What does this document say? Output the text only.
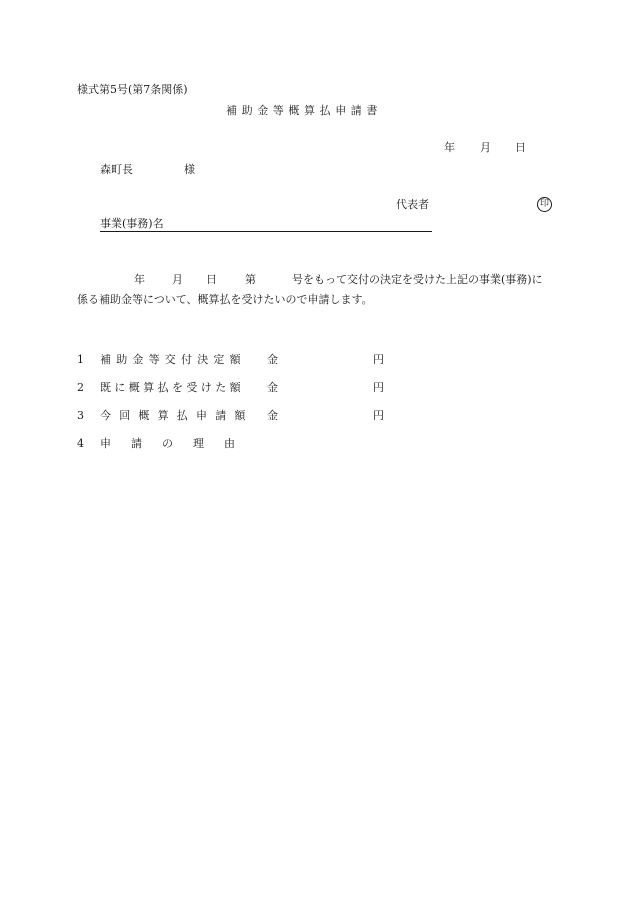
様式第5号(第7条関係)
補助金等概算払申請書
年 月 日
森町長	様
代表者	印
事業(事務)名
年 月 日	第	号をもって交付の決定を受けた上記の事業(事務)に
係る補助金等について、概算払を受けたいので申請します。
1 補助金等交付決定額 金	円
2 既に概算払を受けた額 金	円
3 今回概算払申請額 金	円
4 申請の理由
